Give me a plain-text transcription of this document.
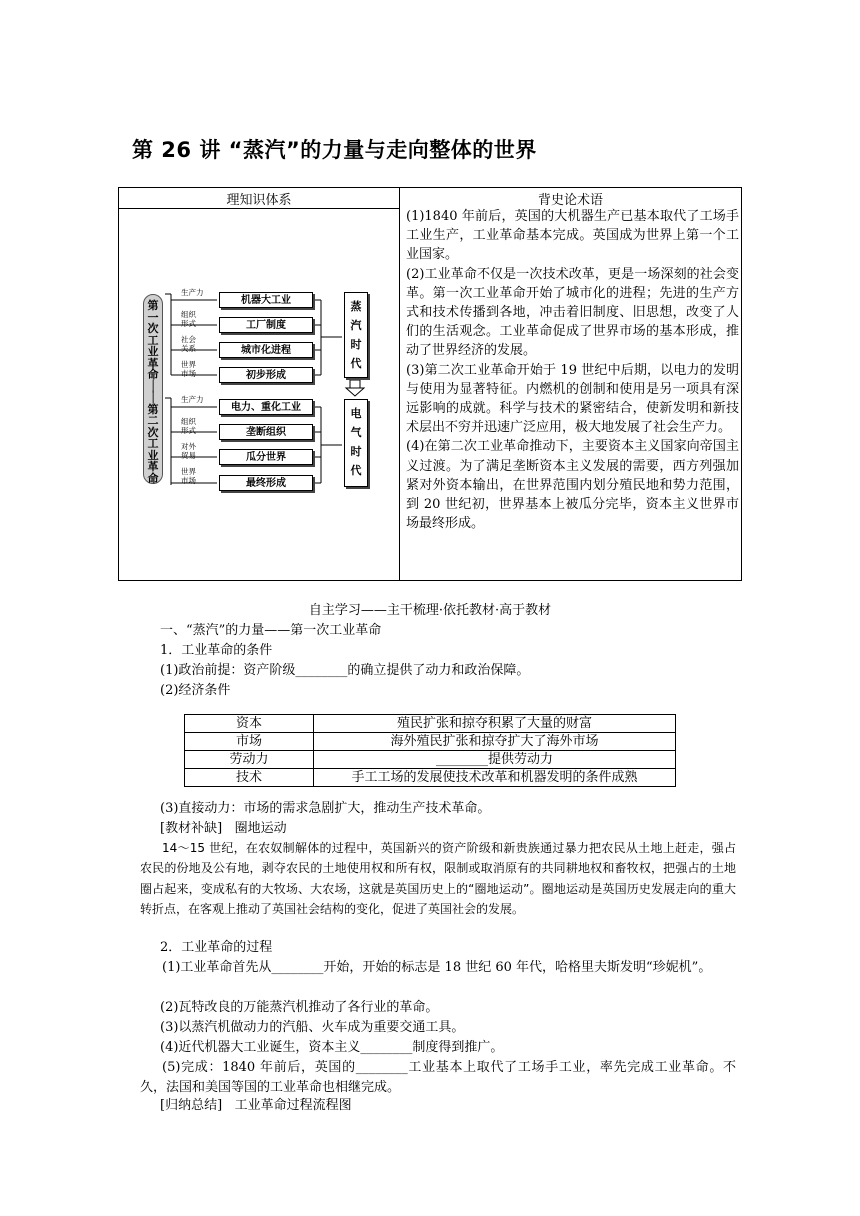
第 26 讲 “蒸汽”的力量与走向整体的世界
理知识体系	背史论术语

(1)1840 年前后，英国的大机器生产已基本取代了工场手工业生产，工业革命基本完成。英国成为世界上第一个工业国家。

(2)工业革命不仅是一次技术改革，更是一场深刻的社会变革。第一次工业革命开始了城市化的进程；先进的生产方式和技术传播到各地，冲击着旧制度、旧思想，改变了人们的生活观念。工业革命促成了世界市场的基本形成，推动了世界经济的发展。

(3)第二次工业革命开始于 19 世纪中后期，以电力的发明与使用为显著特征。内燃机的创制和使用是另一项具有深远影响的成就。科学与技术的紧密结合，使新发明和新技术层出不穷并迅速广泛应用，极大地发展了社会生产力。

(4)在第二次工业革命推动下，主要资本主义国家向帝国主义过渡。为了满足垄断资本主义发展的需要，西方列强加紧对外资本输出，在世界范围内划分殖民地和势力范围，到 20 世纪初，世界基本上被瓜分完毕，资本主义世界市场最终形成。

第
一
次
工
业
革
命
│
│
第
二
次
工
业
革
命
生产力
组织
形式
社会
关系
世界
市场
机器大工业
工厂制度
城市化进程
初步形成
蒸
汽
时
代
生产力
组织
形式
对外
贸易
世界
市场
电力、重化工业
垄断组织
瓜分世界
最终形成
电
气
时
代
自主学习——主干梳理·依托教材·高于教材
一、“蒸汽”的力量——第一次工业革命
1．工业革命的条件
(1)政治前提：资产阶级________的确立提供了动力和政治保障。
(2)经济条件
资本	殖民扩张和掠夺积累了大量的财富
市场	海外殖民扩张和掠夺扩大了海外市场
劳动力	________提供劳动力
技术	手工工场的发展使技术改革和机器发明的条件成熟
(3)直接动力：市场的需求急剧扩大，推动生产技术革命。
[教材补缺] 圈地运动
14～15 世纪，在农奴制解体的过程中，英国新兴的资产阶级和新贵族通过暴力把农民从土地上赶走，强占农民的份地及公有地，剥夺农民的土地使用权和所有权，限制或取消原有的共同耕地权和畜牧权，把强占的土地圈占起来，变成私有的大牧场、大农场，这就是英国历史上的“圈地运动”。圈地运动是英国历史发展走向的重大转折点，在客观上推动了英国社会结构的变化，促进了英国社会的发展。
2．工业革命的过程
(1)工业革命首先从________开始，开始的标志是 18 世纪 60 年代，哈格里夫斯发明“珍妮机”。
(2)瓦特改良的万能蒸汽机推动了各行业的革命。
(3)以蒸汽机做动力的汽船、火车成为重要交通工具。
(4)近代机器大工业诞生，资本主义________制度得到推广。
(5)完成：1840 年前后，英国的________工业基本上取代了工场手工业，率先完成工业革命。不久，法国和美国等国的工业革命也相继完成。
[归纳总结] 工业革命过程流程图
